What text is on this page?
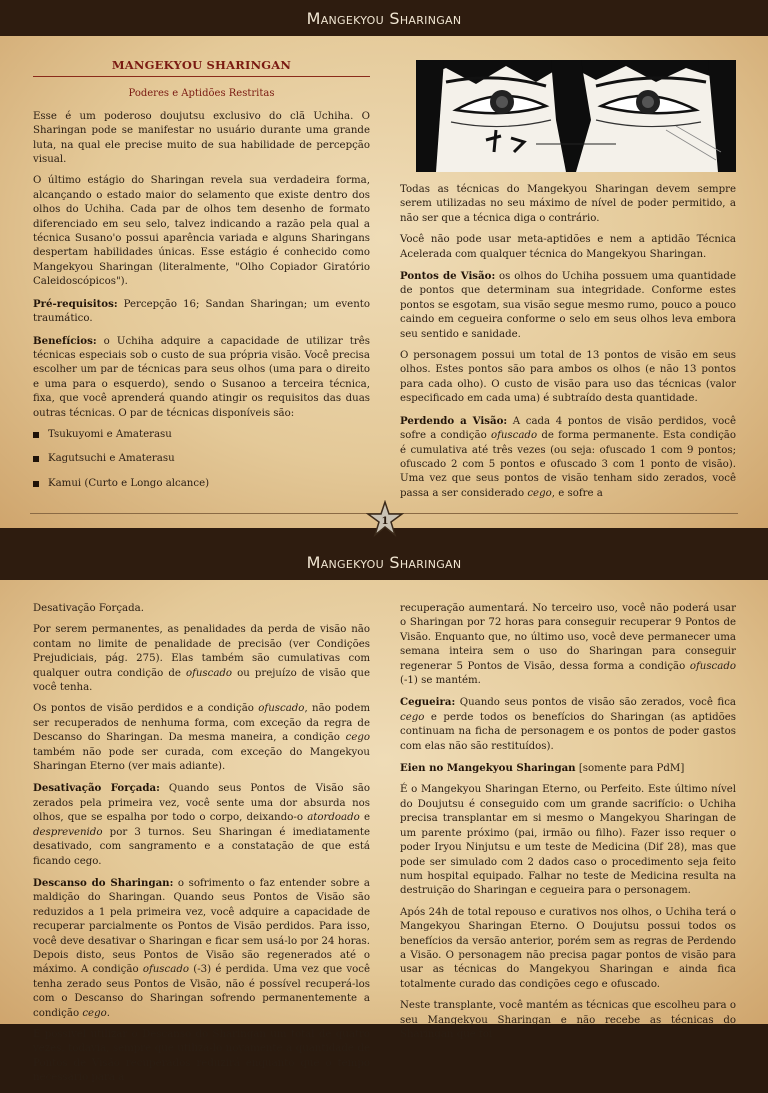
Mangekyou Sharingan
MANGEKYOU SHARINGAN
Poderes e Aptidões Restritas

Esse é um poderoso doujutsu exclusivo do clã Uchiha. O Sharingan pode se manifestar no usuário durante uma grande luta, na qual ele precise muito de sua habilidade de percepção visual.

O último estágio do Sharingan revela sua verdadeira forma, alcançando o estado maior do selamento que existe dentro dos olhos do Uchiha. Cada par de olhos tem desenho de formato diferenciado em seu selo, talvez indicando a razão pela qual a técnica Susano'o possui aparência variada e alguns Sharingans despertam habilidades únicas. Esse estágio é conhecido como Mangekyou Sharingan (literalmente, "Olho Copiador Giratório Caleidoscópicos").

Pré-requisitos: Percepção 16; Sandan Sharingan; um evento traumático.

Benefícios: o Uchiha adquire a capacidade de utilizar três técnicas especiais sob o custo de sua própria visão. Você precisa escolher um par de técnicas para seus olhos (uma para o direito e uma para o esquerdo), sendo o Susanoo a terceira técnica, fixa, que você aprenderá quando atingir os requisitos das duas outras técnicas. O par de técnicas disponíveis são:

Tsukuyomi e Amaterasu
Kagutsuchi e Amaterasu
Kamui (Curto e Longo alcance)

Todas as técnicas do Mangekyou Sharingan devem sempre serem utilizadas no seu máximo de nível de poder permitido, a não ser que a técnica diga o contrário.

Você não pode usar meta-aptidões e nem a aptidão Técnica Acelerada com qualquer técnica do Mangekyou Sharingan.

Pontos de Visão: os olhos do Uchiha possuem uma quantidade de pontos que determinam sua integridade. Conforme estes pontos se esgotam, sua visão segue mesmo rumo, pouco a pouco caindo em cegueira conforme o selo em seus olhos leva embora seu sentido e sanidade.

O personagem possui um total de 13 pontos de visão em seus olhos. Estes pontos são para ambos os olhos (e não 13 pontos para cada olho). O custo de visão para uso das técnicas (valor especificado em cada uma) é subtraído desta quantidade.

Perdendo a Visão: A cada 4 pontos de visão perdidos, você sofre a condição ofuscado de forma permanente. Esta condição é cumulativa até três vezes (ou seja: ofuscado 1 com 9 pontos; ofuscado 2 com 5 pontos e ofuscado 3 com 1 ponto de visão). Uma vez que seus pontos de visão tenham sido zerados, você passa a ser considerado cego, e sofre a

1
Mangekyou Sharingan

Desativação Forçada.

Por serem permanentes, as penalidades da perda de visão não contam no limite de penalidade de precisão (ver Condições Prejudiciais, pág. 275). Elas também são cumulativas com qualquer outra condição de ofuscado ou prejuízo de visão que você tenha.

Os pontos de visão perdidos e a condição ofuscado, não podem ser recuperados de nenhuma forma, com exceção da regra de Descanso do Sharingan. Da mesma maneira, a condição cego também não pode ser curada, com exceção do Mangekyou Sharingan Eterno (ver mais adiante).

Desativação Forçada: Quando seus Pontos de Visão são zerados pela primeira vez, você sente uma dor absurda nos olhos, que se espalha por todo o corpo, deixando-o atordoado e desprevenido por 3 turnos. Seu Sharingan é imediatamente desativado, com sangramento e a constatação de que está ficando cego.

Descanso do Sharingan: o sofrimento o faz entender sobre a maldição do Sharingan. Quando seus Pontos de Visão são reduzidos a 1 pela primeira vez, você adquire a capacidade de recuperar parcialmente os Pontos de Visão perdidos. Para isso, você deve desativar o Sharingan e ficar sem usá-lo por 24 horas. Depois disto, seus Pontos de Visão são regenerados até o máximo. A condição ofuscado (-3) é perdida. Uma vez que você tenha zerado seus Pontos de Visão, não é possível recuperá-los com o Descanso do Sharingan sofrendo permanentemente a condição cego.

É possível utilizar o Descanso do Sharingan um total de quatro vezes, todavia, sempre que utilizá-lo novamente a quantidade de Pontos de Visão recuperados reduzirá enquanto que o tempo necessário para a

recuperação aumentará. No terceiro uso, você não poderá usar o Sharingan por 72 horas para conseguir recuperar 9 Pontos de Visão. Enquanto que, no último uso, você deve permanecer uma semana inteira sem o uso do Sharingan para conseguir regenerar 5 Pontos de Visão, dessa forma a condição ofuscado (-1) se mantém.

Cegueira: Quando seus pontos de visão são zerados, você fica cego e perde todos os benefícios do Sharingan (as aptidões continuam na ficha de personagem e os pontos de poder gastos com elas não são restituídos).

Eien no Mangekyou Sharingan [somente para PdM]

É o Mangekyou Sharingan Eterno, ou Perfeito. Este último nível do Doujutsu é conseguido com um grande sacrifício: o Uchiha precisa transplantar em si mesmo o Mangekyou Sharingan de um parente próximo (pai, irmão ou filho). Fazer isso requer o poder Iryou Ninjutsu e um teste de Medicina (Dif 28), mas que pode ser simulado com 2 dados caso o procedimento seja feito num hospital equipado. Falhar no teste de Medicina resulta na destruição do Sharingan e cegueira para o personagem.

Após 24h de total repouso e curativos nos olhos, o Uchiha terá o Mangekyou Sharingan Eterno. O Doujutsu possui todos os benefícios da versão anterior, porém sem as regras de Perdendo a Visão. O personagem não precisa pagar pontos de visão para usar as técnicas do Mangekyou Sharingan e ainda fica totalmente curado das condições cego e ofuscado.

Neste transplante, você mantém as técnicas que escolheu para o seu Mangekyou Sharingan e não recebe as técnicas do Sharingan que foi
